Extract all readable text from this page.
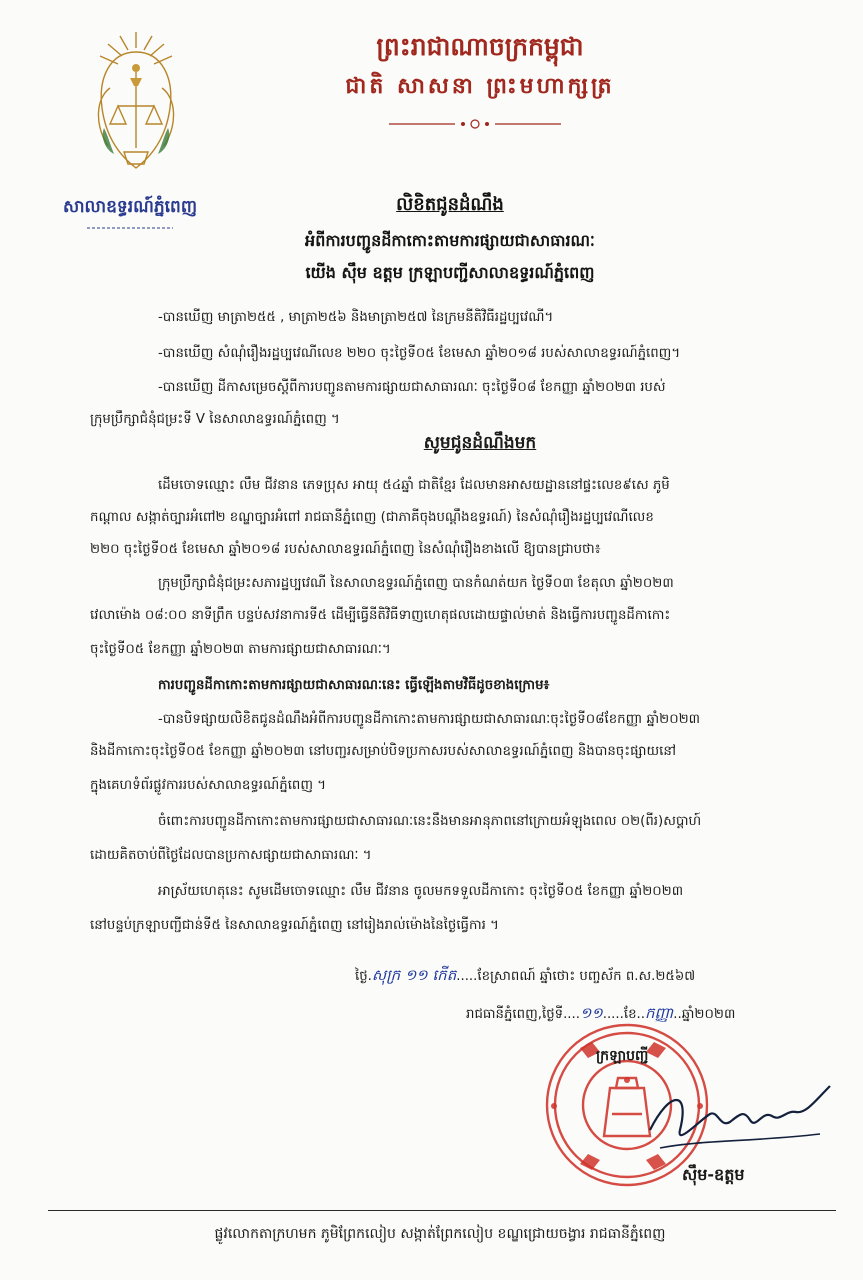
សាលាឧទ្ធរណ៍ភ្នំពេញ
ព្រះរាជាណាចក្រកម្ពុជា
ជាតិ សាសនា ព្រះមហាក្សត្រ
លិខិតជូនដំណឹង
អំពីការបញ្ជូនដីកាកោះតាមការផ្សាយជាសាធារណៈ
យើង ស៊ឹម ឧត្តម ក្រឡាបញ្ជីសាលាឧទ្ធរណ៍ភ្នំពេញ
-បានឃើញ មាត្រា២៥៥ , មាត្រា២៥៦ និងមាត្រា២៥៧ នៃក្រមនីតិវិធីរដ្ឋប្បវេណី។
-បានឃើញ សំណុំរឿងរដ្ឋប្បវេណីលេខ ២២០ ចុះថ្ងៃទី០៥ ខែមេសា ឆ្នាំ២០១៨ របស់សាលាឧទ្ធរណ៍ភ្នំពេញ។
-បានឃើញ ដីកាសម្រេចស្តីពីការបញ្ជូនតាមការផ្សាយជាសាធារណៈ ចុះថ្ងៃទី០៨ ខែកញ្ញា ឆ្នាំ២០២៣ របស់
ក្រុមប្រឹក្សាជំនុំជម្រះទី V នៃសាលាឧទ្ធរណ៍ភ្នំពេញ ។
សូមជូនដំណឹងមក
ដើមចោទឈ្មោះ លឹម ជីវនាន ភេទប្រុស អាយុ ៥៤ឆ្នាំ ជាតិខ្មែរ ដែលមានអាសយដ្ឋាននៅផ្ទះលេខ៩សេ ភូមិ
កណ្តាល សង្កាត់ច្បារអំពៅ២ ខណ្ឌច្បារអំពៅ រាជធានីភ្នំពេញ (ជាភាគីចុងបណ្តឹងឧទ្ធរណ៍) នៃសំណុំរឿងរដ្ឋប្បវេណីលេខ
២២០ ចុះថ្ងៃទី០៥ ខែមេសា ឆ្នាំ២០១៨ របស់សាលាឧទ្ធរណ៍ភ្នំពេញ នៃសំណុំរឿងខាងលើ ឱ្យបានជ្រាបថា៖
ក្រុមប្រឹក្សាជំនុំជម្រះសភារដ្ឋប្បវេណី នៃសាលាឧទ្ធរណ៍ភ្នំពេញ បានកំណត់យក ថ្ងៃទី០៣ ខែតុលា ឆ្នាំ២០២៣
វេលាម៉ោង ០៨:០០ នាទីព្រឹក បន្ទប់សវនាការទី៥ ដើម្បីធ្វើនីតិវិធីទាញហេតុផលដោយផ្ទាល់មាត់ និងធ្វើការបញ្ជូនដីកាកោះ
ចុះថ្ងៃទី០៥ ខែកញ្ញា ឆ្នាំ២០២៣ តាមការផ្សាយជាសាធារណៈ។
ការបញ្ជូនដីកាកោះតាមការផ្សាយជាសាធារណៈនេះ ធ្វើឡើងតាមវិធីដូចខាងក្រោម៖
-បានបិទផ្សាយលិខិតជូនដំណឹងអំពីការបញ្ជូនដីកាកោះតាមការផ្សាយជាសាធារណៈចុះថ្ងៃទី០៨ខែកញ្ញា ឆ្នាំ២០២៣
និងដីកាកោះចុះថ្ងៃទី០៥ ខែកញ្ញា ឆ្នាំ២០២៣ នៅបញ្ជរសម្រាប់បិទប្រកាសរបស់សាលាឧទ្ធរណ៍ភ្នំពេញ និងបានចុះផ្សាយនៅ
ក្នុងគេហទំព័រផ្លូវការរបស់សាលាឧទ្ធរណ៍ភ្នំពេញ ។
ចំពោះការបញ្ជូនដីកាកោះតាមការផ្សាយជាសាធារណៈនេះនឹងមានអានុភាពនៅក្រោយអំឡុងពេល ០២(ពីរ)សប្តាហ៍
ដោយគិតចាប់ពីថ្ងៃដែលបានប្រកាសផ្សាយជាសាធារណៈ ។
អាស្រ័យហេតុនេះ សូមដើមចោទឈ្មោះ លឹម ជីវនាន ចូលមកទទួលដីកាកោះ ចុះថ្ងៃទី០៥ ខែកញ្ញា ឆ្នាំ២០២៣
នៅបន្ទប់ក្រឡាបញ្ជីជាន់ទី៥ នៃសាលាឧទ្ធរណ៍ភ្នំពេញ នៅរៀងរាល់ម៉ោងនៃថ្ងៃធ្វើការ ។
ថ្ងៃ.សុក្រ ១១ កើត.....ខែស្រាពណ៍ ឆ្នាំថោះ បញ្ចស័ក ព.ស.២៥៦៧
រាជធានីភ្នំពេញ,ថ្ងៃទី....១១.....ខែ..កញ្ញា..ឆ្នាំ២០២៣
ក្រឡាបញ្ជី
ស៊ឹម-ឧត្តម
ផ្លូវលោកតាក្រហមក ភូមិព្រែកលៀប សង្កាត់ព្រែកលៀប ខណ្ឌជ្រោយចង្វារ រាជធានីភ្នំពេញ
